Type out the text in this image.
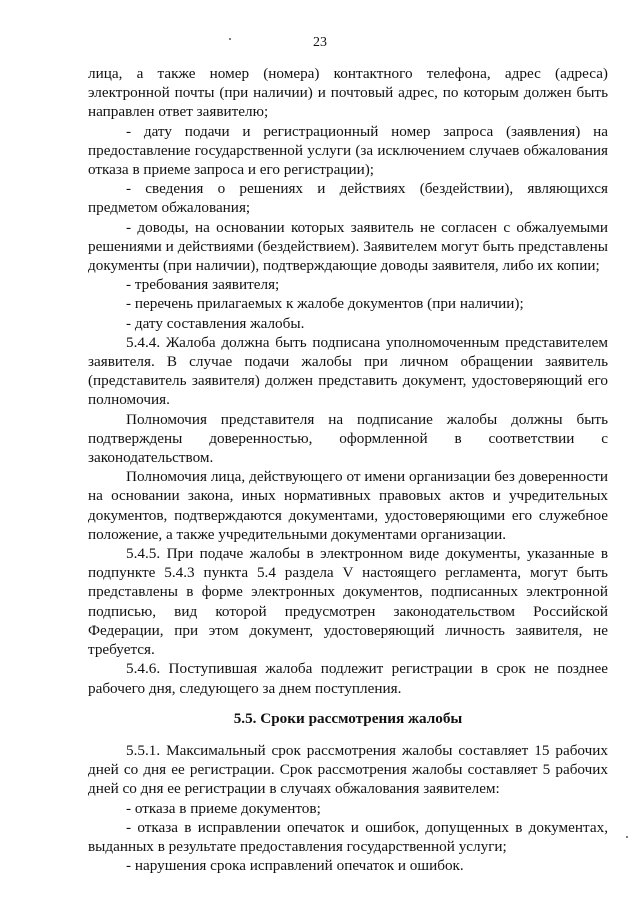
23

лица, а также номер (номера) контактного телефона, адрес (адреса) электронной почты (при наличии) и почтовый адрес, по которым должен быть направлен ответ заявителю;

- дату подачи и регистрационный номер запроса (заявления) на предоставление государственной услуги (за исключением случаев обжалования отказа в приеме запроса и его регистрации);

- сведения о решениях и действиях (бездействии), являющихся предметом обжалования;

- доводы, на основании которых заявитель не согласен с обжалуемыми решениями и действиями (бездействием). Заявителем могут быть представлены документы (при наличии), подтверждающие доводы заявителя, либо их копии;

- требования заявителя;

- перечень прилагаемых к жалобе документов (при наличии);

- дату составления жалобы.

5.4.4. Жалоба должна быть подписана уполномоченным представителем заявителя. В случае подачи жалобы при личном обращении заявитель (представитель заявителя) должен представить документ, удостоверяющий его полномочия.

Полномочия представителя на подписание жалобы должны быть подтверждены доверенностью, оформленной в соответствии с законодательством.

Полномочия лица, действующего от имени организации без доверенности на основании закона, иных нормативных правовых актов и учредительных документов, подтверждаются документами, удостоверяющими его служебное положение, а также учредительными документами организации.

5.4.5. При подаче жалобы в электронном виде документы, указанные в подпункте 5.4.3 пункта 5.4 раздела V настоящего регламента, могут быть представлены в форме электронных документов, подписанных электронной подписью, вид которой предусмотрен законодательством Российской Федерации, при этом документ, удостоверяющий личность заявителя, не требуется.

5.4.6. Поступившая жалоба подлежит регистрации в срок не позднее рабочего дня, следующего за днем поступления.

5.5. Сроки рассмотрения жалобы

5.5.1. Максимальный срок рассмотрения жалобы составляет 15 рабочих дней со дня ее регистрации. Срок рассмотрения жалобы составляет 5 рабочих дней со дня ее регистрации в случаях обжалования заявителем:

- отказа в приеме документов;

- отказа в исправлении опечаток и ошибок, допущенных в документах, выданных в результате предоставления государственной услуги;

- нарушения срока исправлений опечаток и ошибок.
